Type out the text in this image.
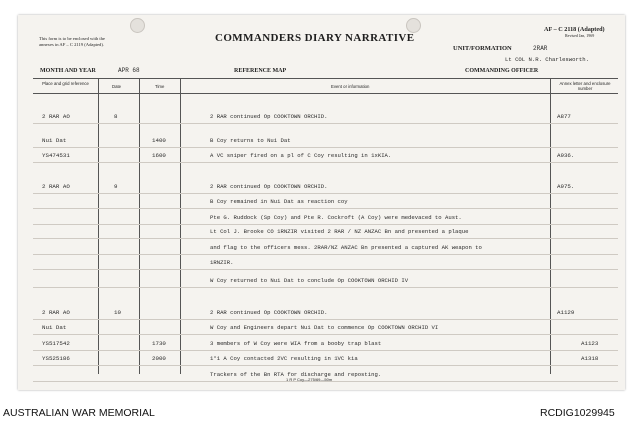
This form is to be enclosed with the
annexes in AF – C 2119 (Adapted).
COMMANDERS DIARY NARRATIVE
AF – C 2118 (Adapted)
Revised Jan, 1969
UNIT/FORMATION	2RAR
Lt COL N.R. Charlesworth.
MONTH AND YEAR	APR 68	REFERENCE MAP	COMMANDING OFFICER
Place and grid reference
Date	Time	Event or information
Annex letter and enclosure number
2 RAR AO	8	2 RAR continued Op COOKTOWN ORCHID.	A877
Nui Dat	1400	B Coy returns to Nui Dat
YS474531	1600	A VC sniper fired on a pl of C Coy resulting in 1xKIA.	A936.
2 RAR AO	9	2 RAR continued Op COOKTOWN ORCHID.	A975.
B Coy remained in Nui Dat as reaction coy
Pte G. Ruddock (Sp Coy) and Pte R. Cockroft (A Coy) were medevaced to Aust.
Lt Col J. Brooke CO 1RNZIR visited 2 RAR / NZ ANZAC Bn and presented a plaque
and flag to the officers mess. 2RAR/NZ ANZAC Bn presented a captured AK weapon to
1RNZIR.
W Coy returned to Nui Dat to conclude Op COOKTOWN ORCHID IV
2 RAR AO	10	2 RAR continued Op COOKTOWN ORCHID.	A1129
Nui Dat	W Coy and Engineers depart Nui Dat to commence Op COOKTOWN ORCHID VI
YS517542	1730	3 members of W Coy were WIA from a booby trap blast	A1123
YS525186	2000	1°1 A Coy contacted 2VC resulting in 1VC kia	A1318
Trackers of the Bn RTA for discharge and reposting.
1 R P Coy—275/69—50m
AUSTRALIAN WAR MEMORIAL	RCDIG1029945
